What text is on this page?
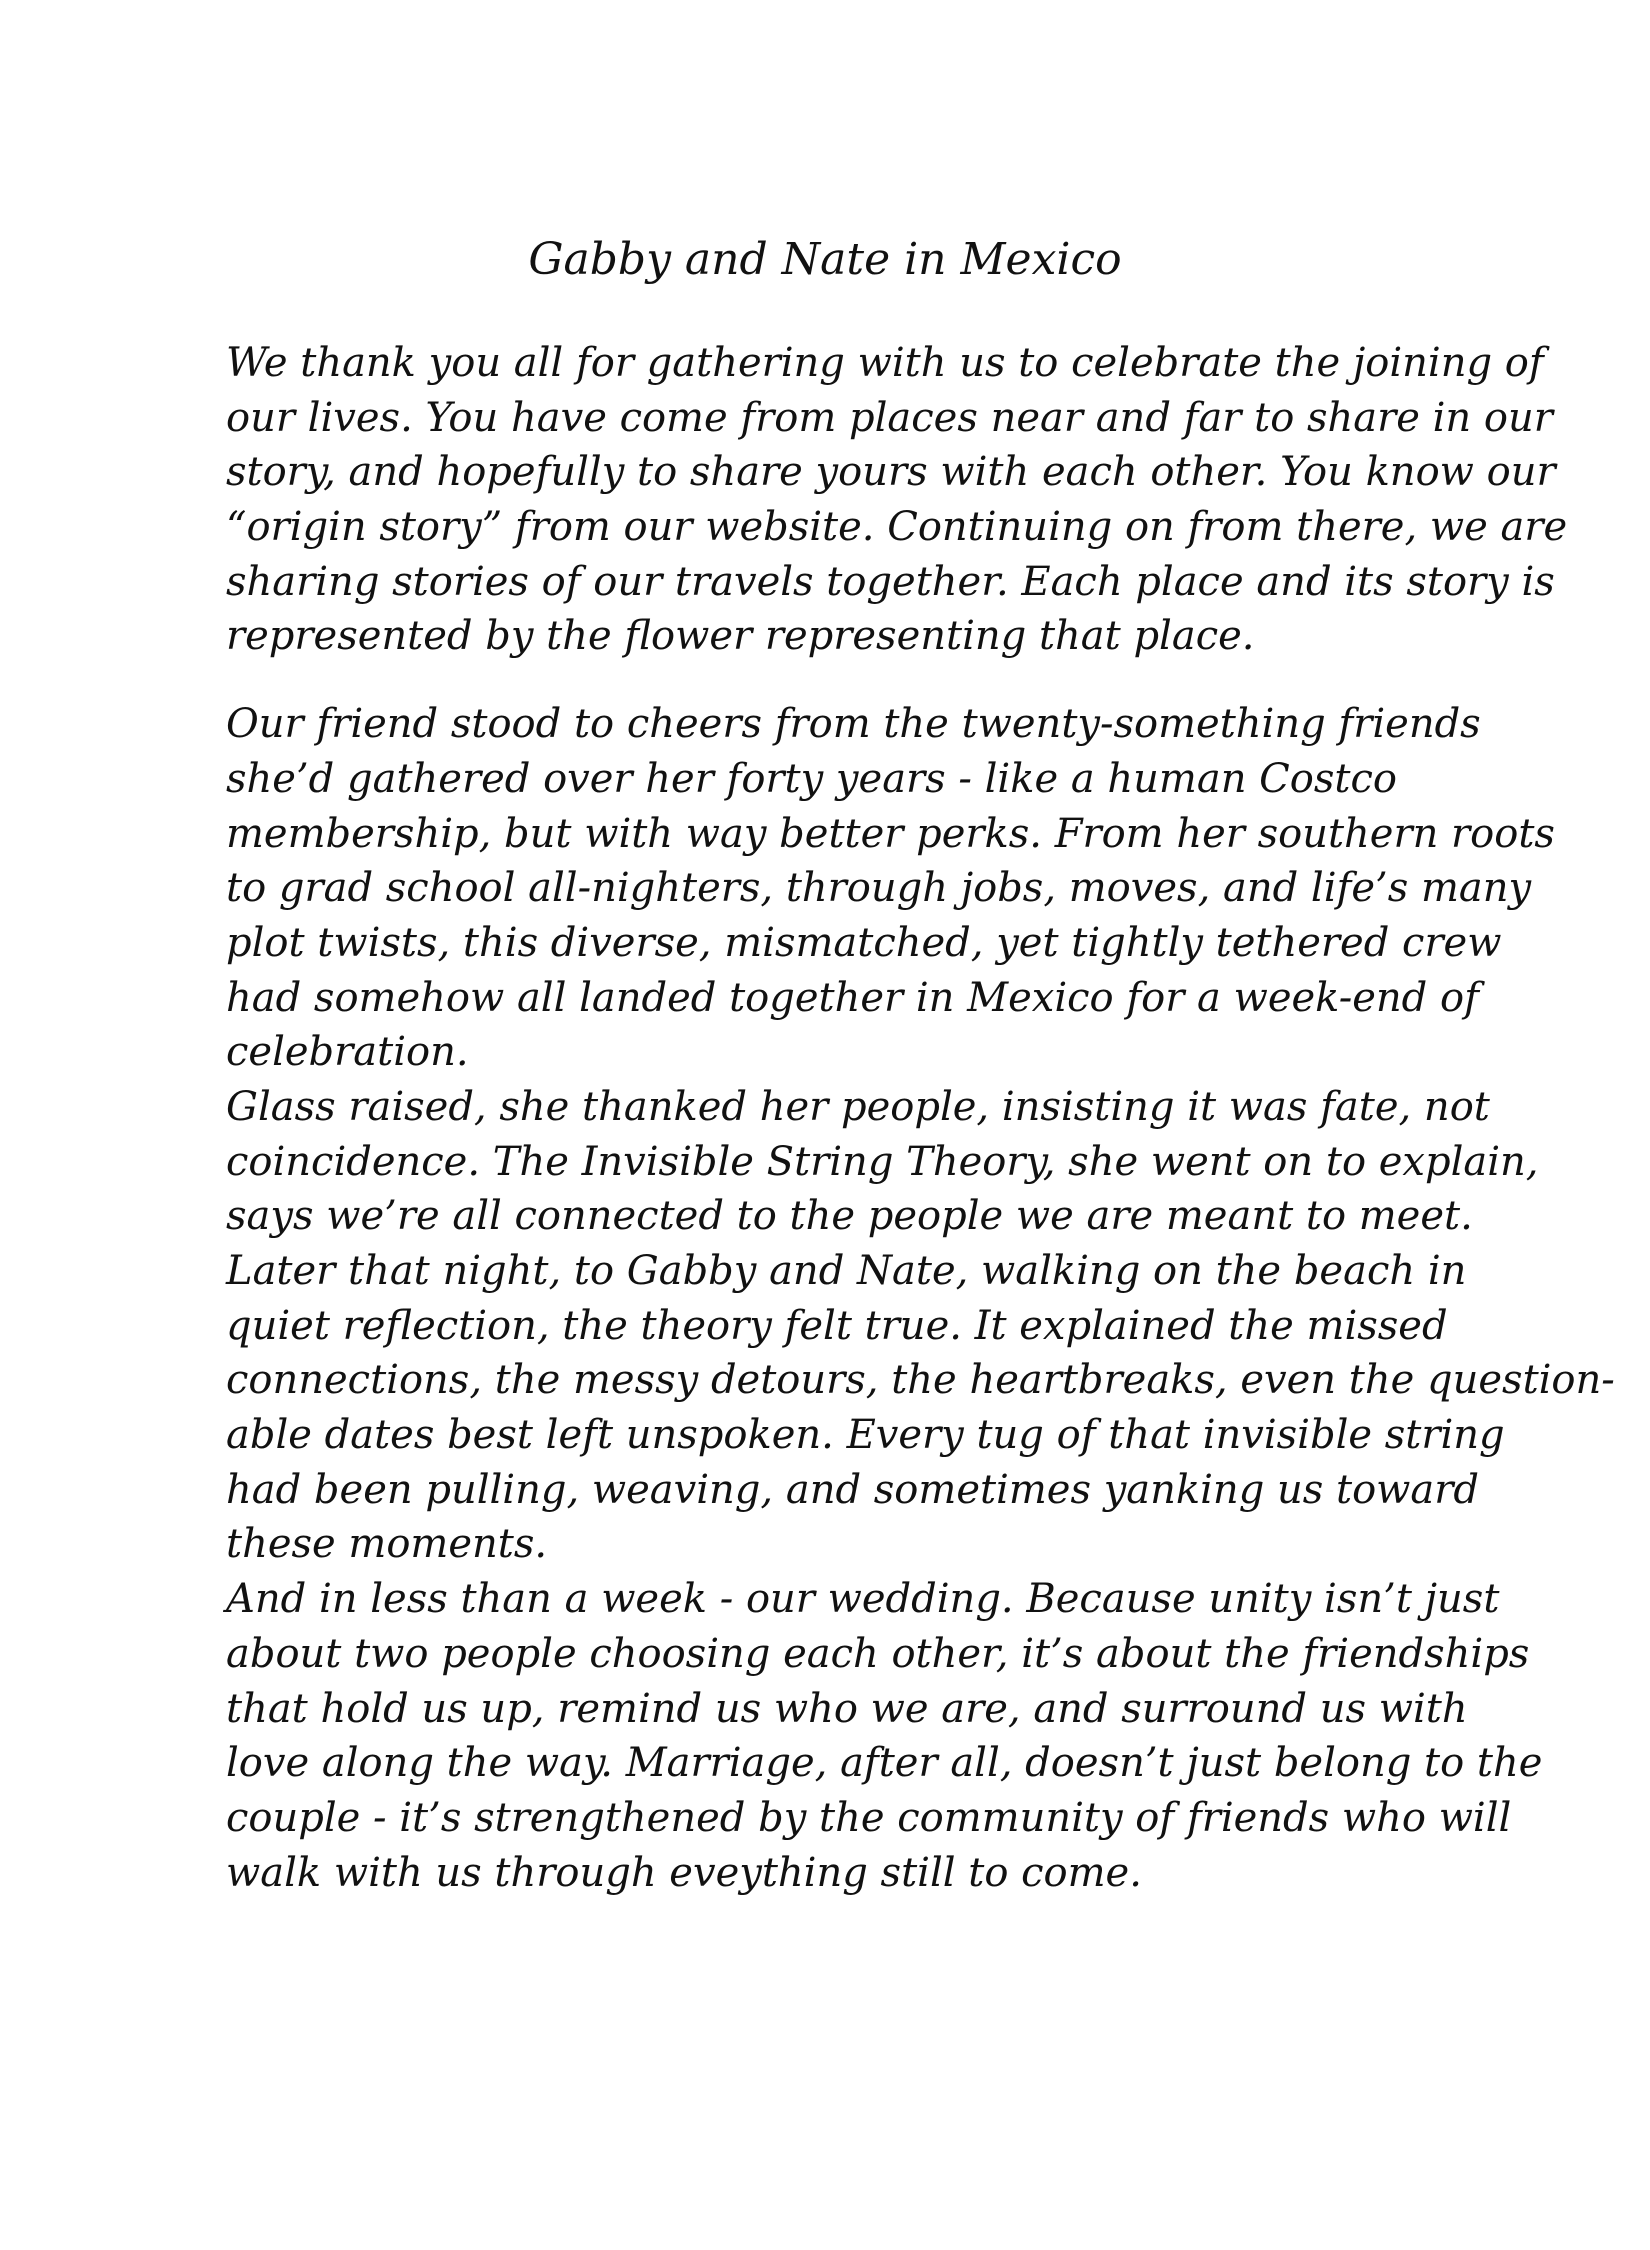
Gabby and Nate in Mexico
We thank you all for gathering with us to celebrate the joining of
our lives. You have come from places near and far to share in our
story, and hopefully to share yours with each other. You know our
“origin story” from our website. Continuing on from there, we are
sharing stories of our travels together. Each place and its story is
represented by the flower representing that place.
Our friend stood to cheers from the twenty-something friends
she’d gathered over her forty years - like a human Costco
membership, but with way better perks. From her southern roots
to grad school all-nighters, through jobs, moves, and life’s many
plot twists, this diverse, mismatched, yet tightly tethered crew
had somehow all landed together in Mexico for a week-end of
celebration.
Glass raised, she thanked her people, insisting it was fate, not
coincidence. The Invisible String Theory, she went on to explain,
says we’re all connected to the people we are meant to meet.
Later that night, to Gabby and Nate, walking on the beach in
quiet reflection, the theory felt true. It explained the missed
connections, the messy detours, the heartbreaks, even the question-
able dates best left unspoken. Every tug of that invisible string
had been pulling, weaving, and sometimes yanking us toward
these moments.
And in less than a week - our wedding. Because unity isn’t just
about two people choosing each other, it’s about the friendships
that hold us up, remind us who we are, and surround us with
love along the way. Marriage, after all, doesn’t just belong to the
couple - it’s strengthened by the community of friends who will
walk with us through eveything still to come.
